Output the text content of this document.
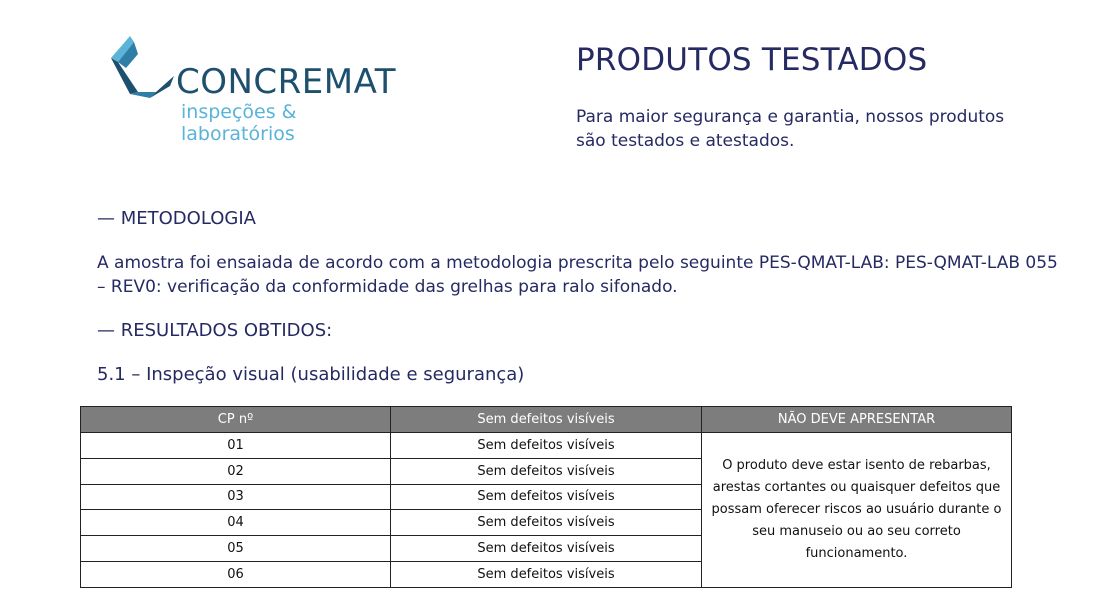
CONCREMAT
inspeções &
laboratórios
PRODUTOS TESTADOS
Para maior segurança e garantia, nossos produtos são testados e atestados.
— METODOLOGIA
A amostra foi ensaiada de acordo com a metodologia prescrita pelo seguinte PES-QMAT-LAB: PES-QMAT-LAB 055 – REV0: verificação da conformidade das grelhas para ralo sifonado.
— RESULTADOS OBTIDOS:
5.1 – Inspeção visual (usabilidade e segurança)
CP nº	Sem defeitos visíveis	NÃO DEVE APRESENTAR
01	Sem defeitos visíveis	O produto deve estar isento de rebarbas, arestas cortantes ou quaisquer defeitos que possam oferecer riscos ao usuário durante o seu manuseio ou ao seu correto funcionamento.
02	Sem defeitos visíveis	
03	Sem defeitos visíveis	
04	Sem defeitos visíveis	
05	Sem defeitos visíveis	
06	Sem defeitos visíveis	
